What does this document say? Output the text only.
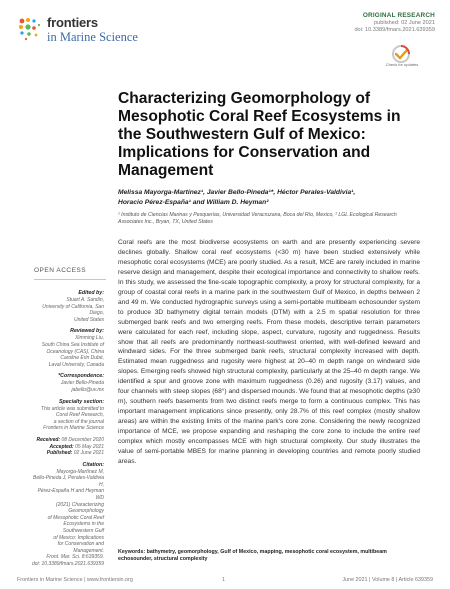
frontiers
in Marine Science
ORIGINAL RESEARCH
published: 02 June 2021
doi: 10.3389/fmars.2021.639359
Check for updates
Characterizing Geomorphology of Mesophotic Coral Reef Ecosystems in the Southwestern Gulf of Mexico: Implications for Conservation and Management
Melissa Mayorga-Martínez¹, Javier Bello-Pineda¹*, Héctor Perales-Valdivia¹,
Horacio Pérez-España¹ and William D. Heyman²
¹ Instituto de Ciencias Marinas y Pesquerías, Universidad Veracruzana, Boca del Río, Mexico, ² LGL Ecological Research
Associates Inc., Bryan, TX, United States
Coral reefs are the most biodiverse ecosystems on earth and are presently experiencing severe declines globally. Shallow coral reef ecosystems (<30 m) have been studied extensively while mesophotic coral ecosystems (MCE) are poorly studied. As a result, MCE are rarely included in marine reserve design and management, despite their ecological importance and connectivity to shallow reefs. In this study, we assessed the fine-scale topographic complexity, a proxy for structural complexity, for a group of coastal coral reefs in a marine park in the southwestern Gulf of Mexico, in depths between 2 and 49 m. We conducted hydrographic surveys using a semi-portable multibeam echosounder system to produce 3D bathymetry digital terrain models (DTM) with a 2.5 m spatial resolution for three submerged bank reefs and two emerging reefs. From these models, descriptive terrain parameters were calculated for each reef, including slope, aspect, curvature, rugosity and ruggedness. Results show that all reefs are predominantly northeast-southwest oriented, with well-defined leeward and windward sides. For the three submerged bank reefs, structural complexity increased with depth. Estimated mean ruggedness and rugosity were highest at 20–40 m depth range on windward side slopes. Emerging reefs showed high structural complexity, particularly at the 25–40 m depth range. We identified a spur and groove zone with maximum ruggedness (0.26) and rugosity (3.17) values, and four channels with steep slopes (68°) and dispersed mounds. We found that at mesophotic depths (≥30 m), southern reefs basements from two distinct reefs merge to form a continuous complex. This has important management implications since presently, only 28.7% of this reef complex (mostly shallow areas) are within the existing limits of the marine park's core zone. Considering the newly recognized importance of MCE, we propose expanding and reshaping the core zone to include the entire reef complex which mostly encompasses MCE with high structural complexity. Our study illustrates the value of semi-portable MBES for marine planning in developing countries and remote poorly studied areas.
Keywords: bathymetry, geomorphology, Gulf of Mexico, mapping, mesophotic coral ecosystem, multibeam echosounder, structural complexity
OPEN ACCESS
Edited by:
Stuart A. Sandin,
University of California, San Diego,
United States
Reviewed by:
Ximming Liu,
South China Sea Institute of
Oceanology (CAS), China
Caroline Erin Dubé,
Laval University, Canada
*Correspondence:
Javier Bello-Pineda
jabello@uv.mx
Specialty section:
This article was submitted to
Coral Reef Research,
a section of the journal
Frontiers in Marine Science
Received: 08 December 2020
Accepted: 05 May 2021
Published: 02 June 2021
Citation:
Mayorga-Martínez M,
Bello-Pineda J, Perales-Valdivia H,
Pérez-España H and Heyman WD
(2021) Characterizing Geomorphology
of Mesophotic Coral Reef
Ecosystems in the Southwestern Gulf
of Mexico: Implications
for Conservation and Management.
Front. Mar. Sci. 8:639359.
doi: 10.3389/fmars.2021.639359
Frontiers in Marine Science | www.frontiersin.org	1	June 2021 | Volume 8 | Article 639359
